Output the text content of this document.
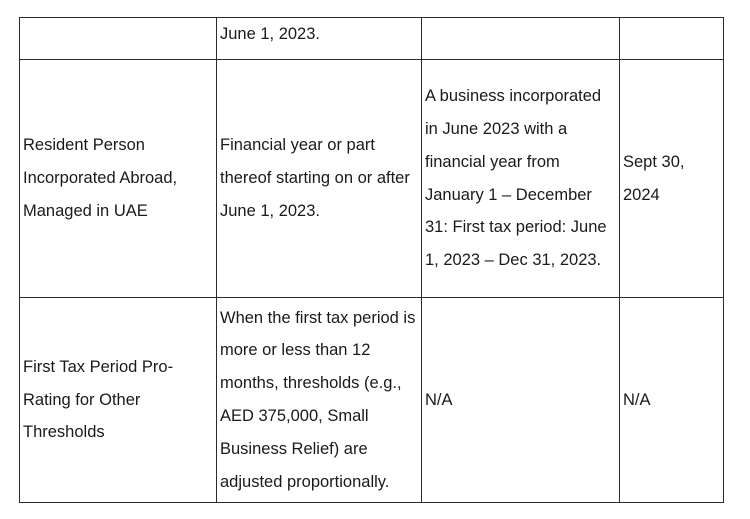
	June 1, 2023.		

Resident Person Incorporated Abroad, Managed in UAE	Financial year or part thereof starting on or after June 1, 2023.	A business incorporated in June 2023 with a financial year from January 1 – December 31: First tax period: June 1, 2023 – Dec 31, 2023.	Sept 30, 2024

First Tax Period Pro-Rating for Other Thresholds	When the first tax period is more or less than 12 months, thresholds (e.g., AED 375,000, Small Business Relief) are adjusted proportionally.	N/A	N/A
